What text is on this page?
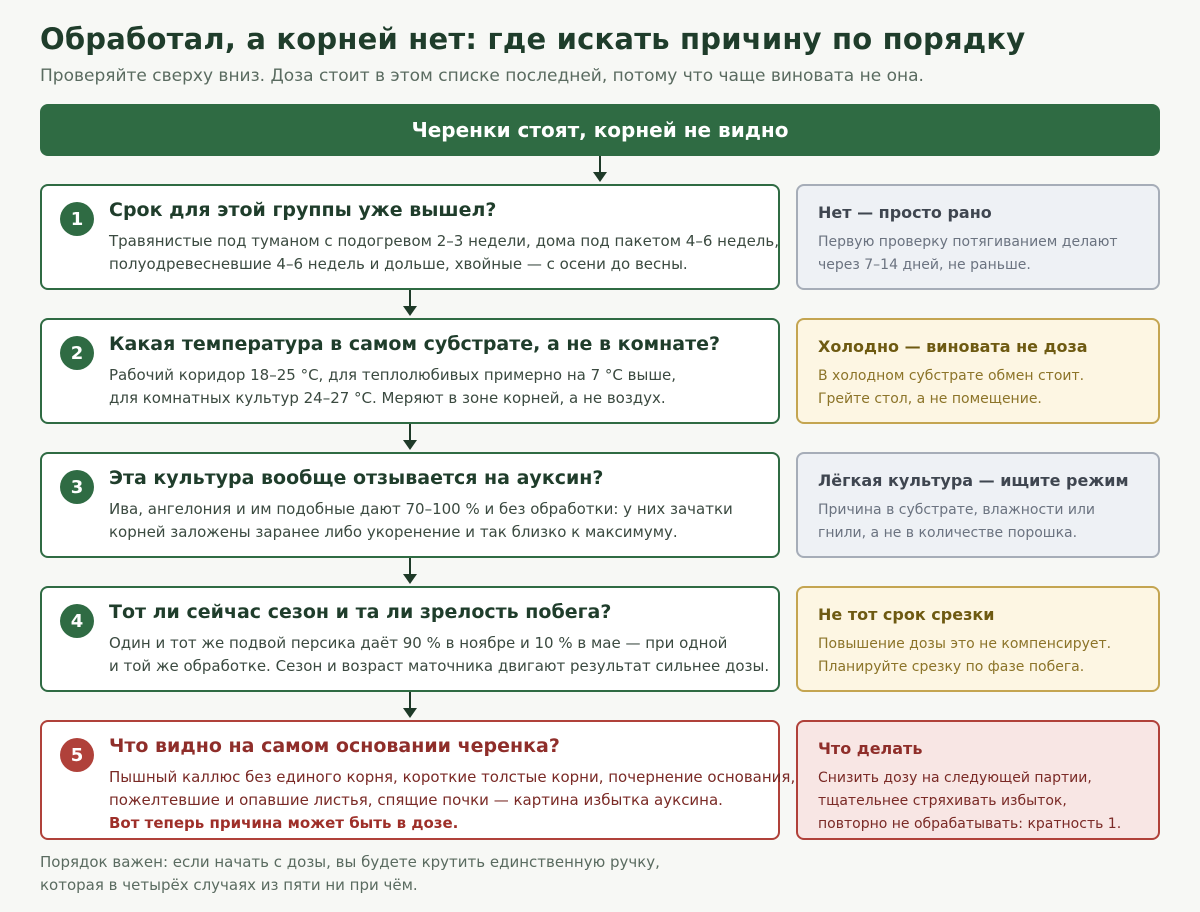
Обработал, а корней нет: где искать причину по порядку
Проверяйте сверху вниз. Доза стоит в этом списке последней, потому что чаще виновата не она.
Черенки стоят, корней не видно
1	Срок для этой группы уже вышел?
Травянистые под туманом с подогревом 2–3 недели, дома под пакетом 4–6 недель,
полуодревесневшие 4–6 недель и дольше, хвойные — с осени до весны.
Нет — просто рано
Первую проверку потягиванием делают
через 7–14 дней, не раньше.
2	Какая температура в самом субстрате, а не в комнате?
Рабочий коридор 18–25 °C, для теплолюбивых примерно на 7 °C выше,
для комнатных культур 24–27 °C. Меряют в зоне корней, а не воздух.
Холодно — виновата не доза
В холодном субстрате обмен стоит.
Грейте стол, а не помещение.
3	Эта культура вообще отзывается на ауксин?
Ива, ангелония и им подобные дают 70–100 % и без обработки: у них зачатки
корней заложены заранее либо укоренение и так близко к максимуму.
Лёгкая культура — ищите режим
Причина в субстрате, влажности или
гнили, а не в количестве порошка.
4	Тот ли сейчас сезон и та ли зрелость побега?
Один и тот же подвой персика даёт 90 % в ноябре и 10 % в мае — при одной
и той же обработке. Сезон и возраст маточника двигают результат сильнее дозы.
Не тот срок срезки
Повышение дозы это не компенсирует.
Планируйте срезку по фазе побега.
5	Что видно на самом основании черенка?
Пышный каллюс без единого корня, короткие толстые корни, почернение основания,
пожелтевшие и опавшие листья, спящие почки — картина избытка ауксина.
Вот теперь причина может быть в дозе.
Что делать
Снизить дозу на следующей партии,
тщательнее стряхивать избыток,
повторно не обрабатывать: кратность 1.
Порядок важен: если начать с дозы, вы будете крутить единственную ручку,
которая в четырёх случаях из пяти ни при чём.
